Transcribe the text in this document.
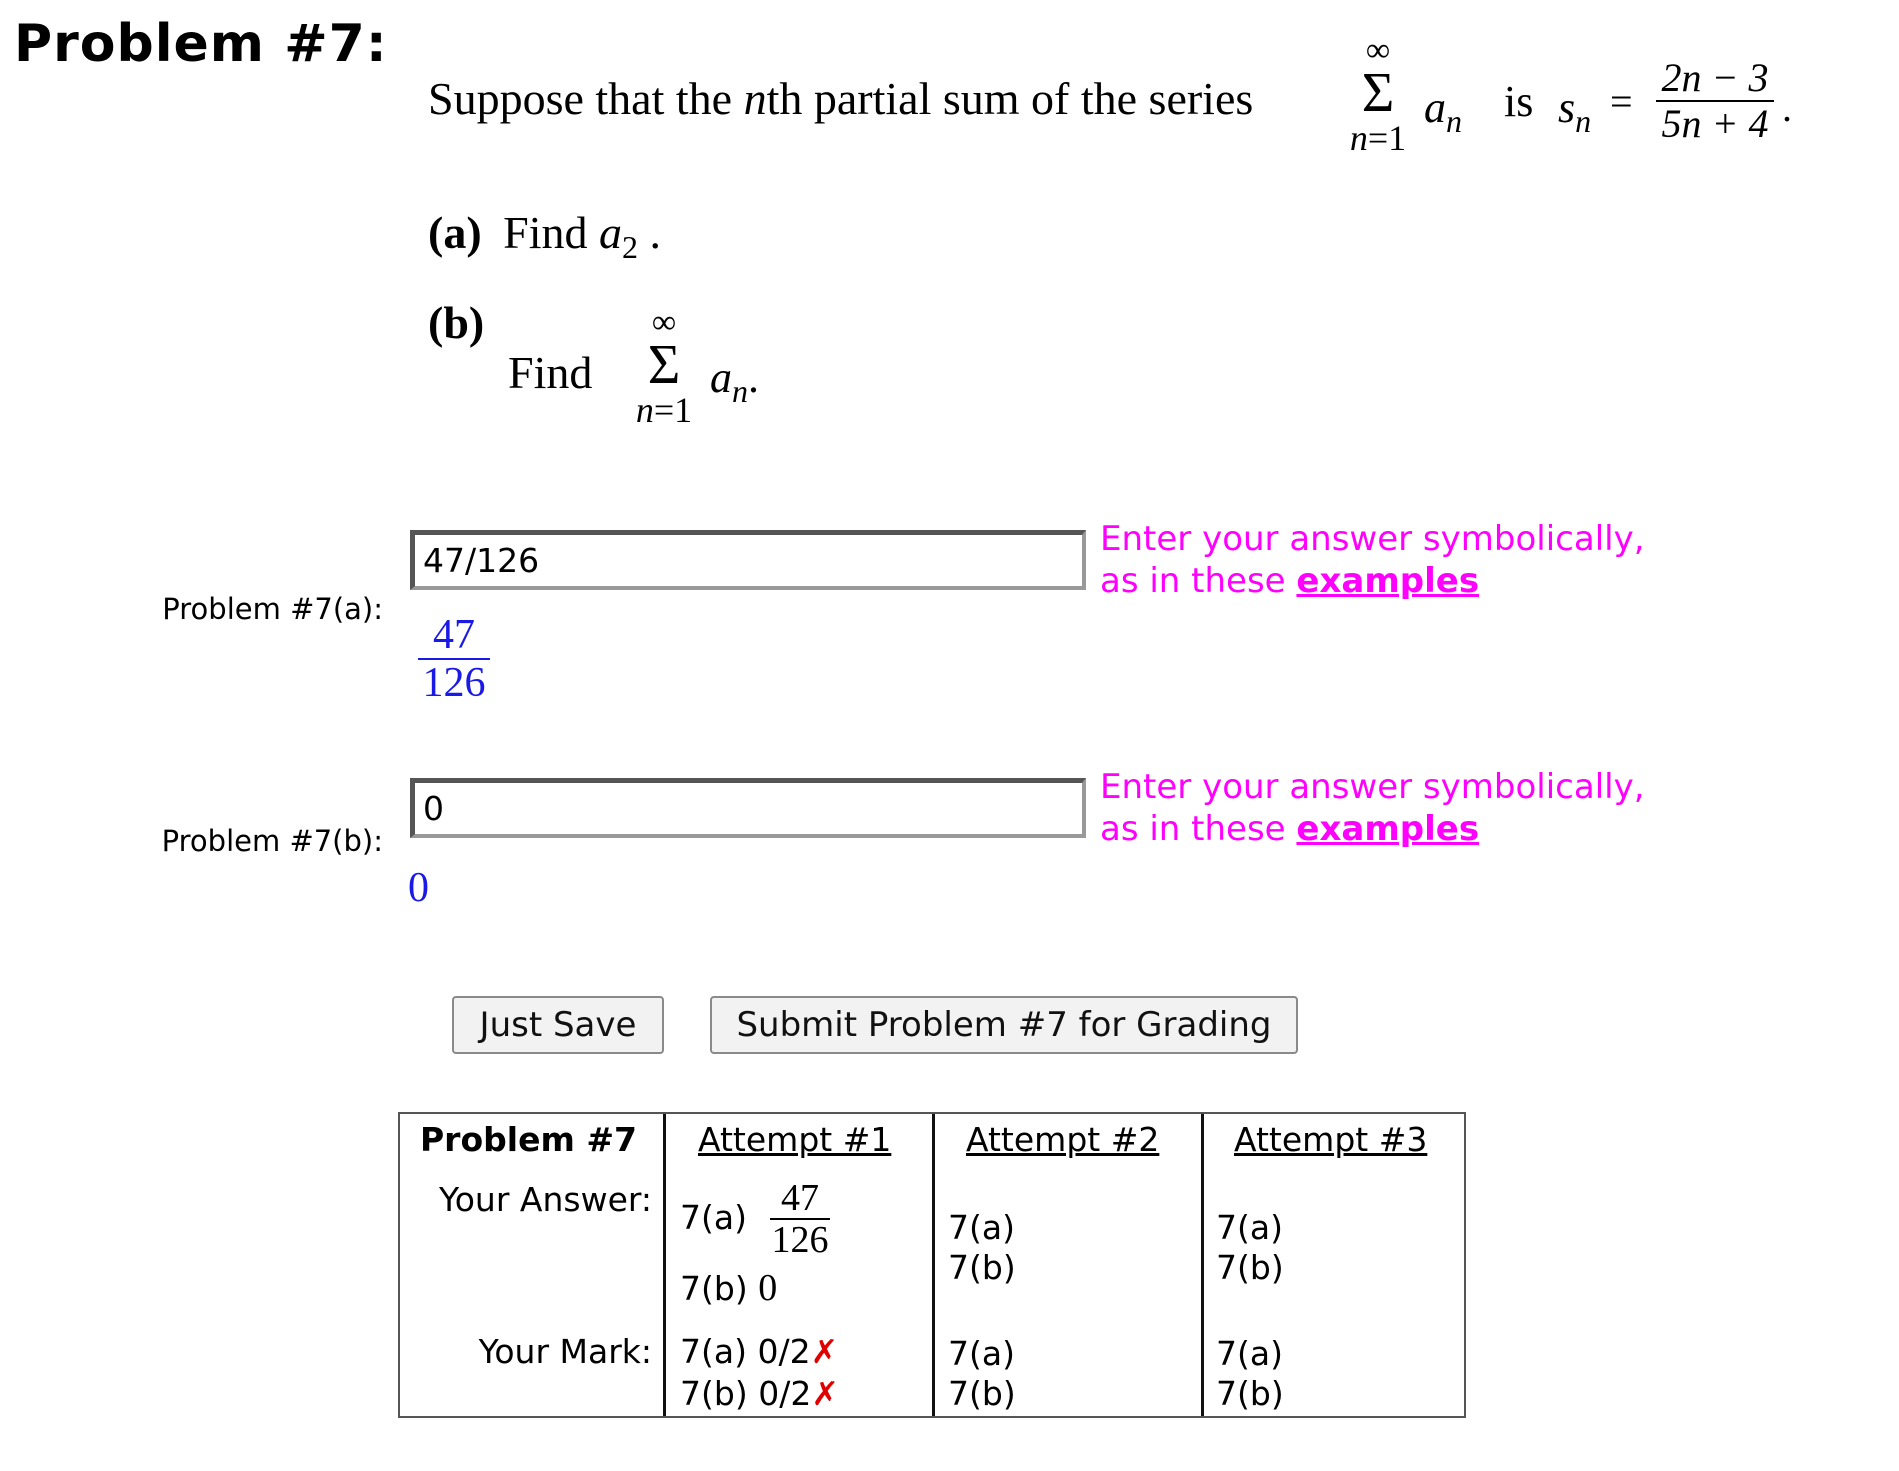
Problem #7:
Suppose that the nth partial sum of the series
∞
Σ
n=1
$a_n$ is $s_n = \frac{2n - 3}{5n + 4}$ .
(a) Find $a_2$ .
(b)
Find
∞
Σ
n=1
$a_n$.
Problem #7(a):
47/126
Enter your answer symbolically,
as in these examples
$\frac{47}{126}$
Problem #7(b):
0
Enter your answer symbolically,
as in these examples
0
Just Save	Submit Problem #7 for Grading
Problem #7 Attempt #1 Attempt #2 Attempt #3
Your Answer:
Your Mark:
$7(a) \frac{47}{126}$
7(b) 0
7(a) 0/2✗
7(b) 0/2✗
7(a)
7(b)
7(a)
7(b)
7(a)
7(b)
7(a)
7(b)
